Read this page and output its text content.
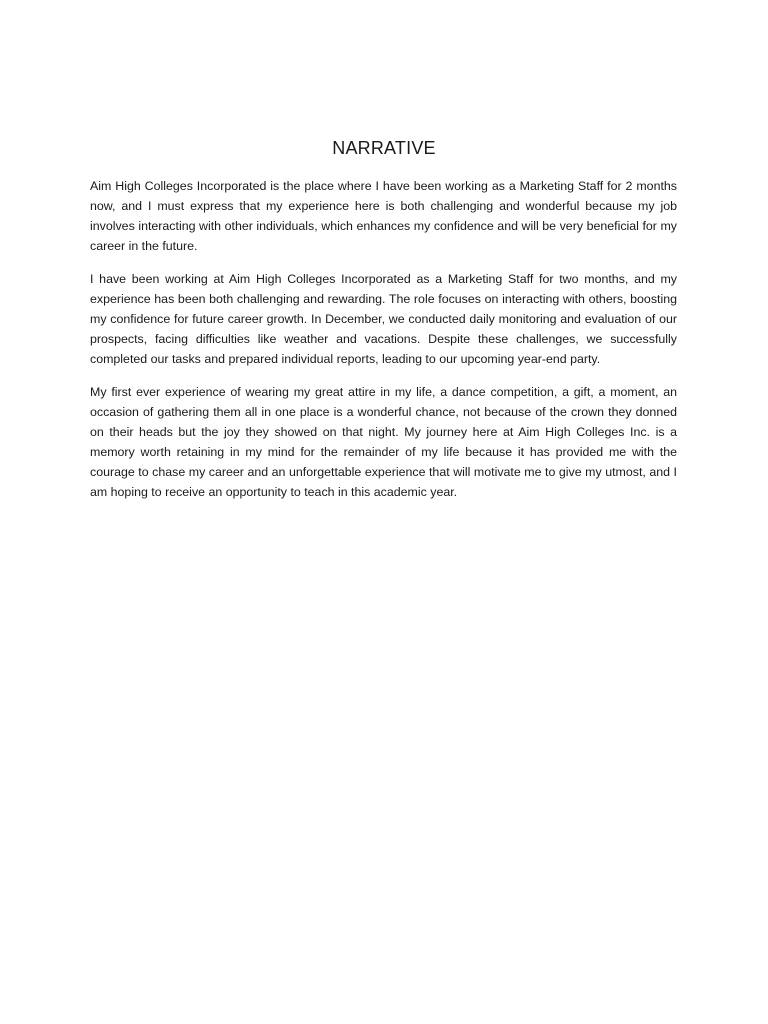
NARRATIVE

Aim High Colleges Incorporated is the place where I have been working as a Marketing Staff for 2 months now, and I must express that my experience here is both challenging and wonderful because my job involves interacting with other individuals, which enhances my confidence and will be very beneficial for my career in the future.

I have been working at Aim High Colleges Incorporated as a Marketing Staff for two months, and my experience has been both challenging and rewarding. The role focuses on interacting with others, boosting my confidence for future career growth. In December, we conducted daily monitoring and evaluation of our prospects, facing difficulties like weather and vacations. Despite these challenges, we successfully completed our tasks and prepared individual reports, leading to our upcoming year-end party.

My first ever experience of wearing my great attire in my life, a dance competition, a gift, a moment, an occasion of gathering them all in one place is a wonderful chance, not because of the crown they donned on their heads but the joy they showed on that night. My journey here at Aim High Colleges Inc. is a memory worth retaining in my mind for the remainder of my life because it has provided me with the courage to chase my career and an unforgettable experience that will motivate me to give my utmost, and I am hoping to receive an opportunity to teach in this academic year.
